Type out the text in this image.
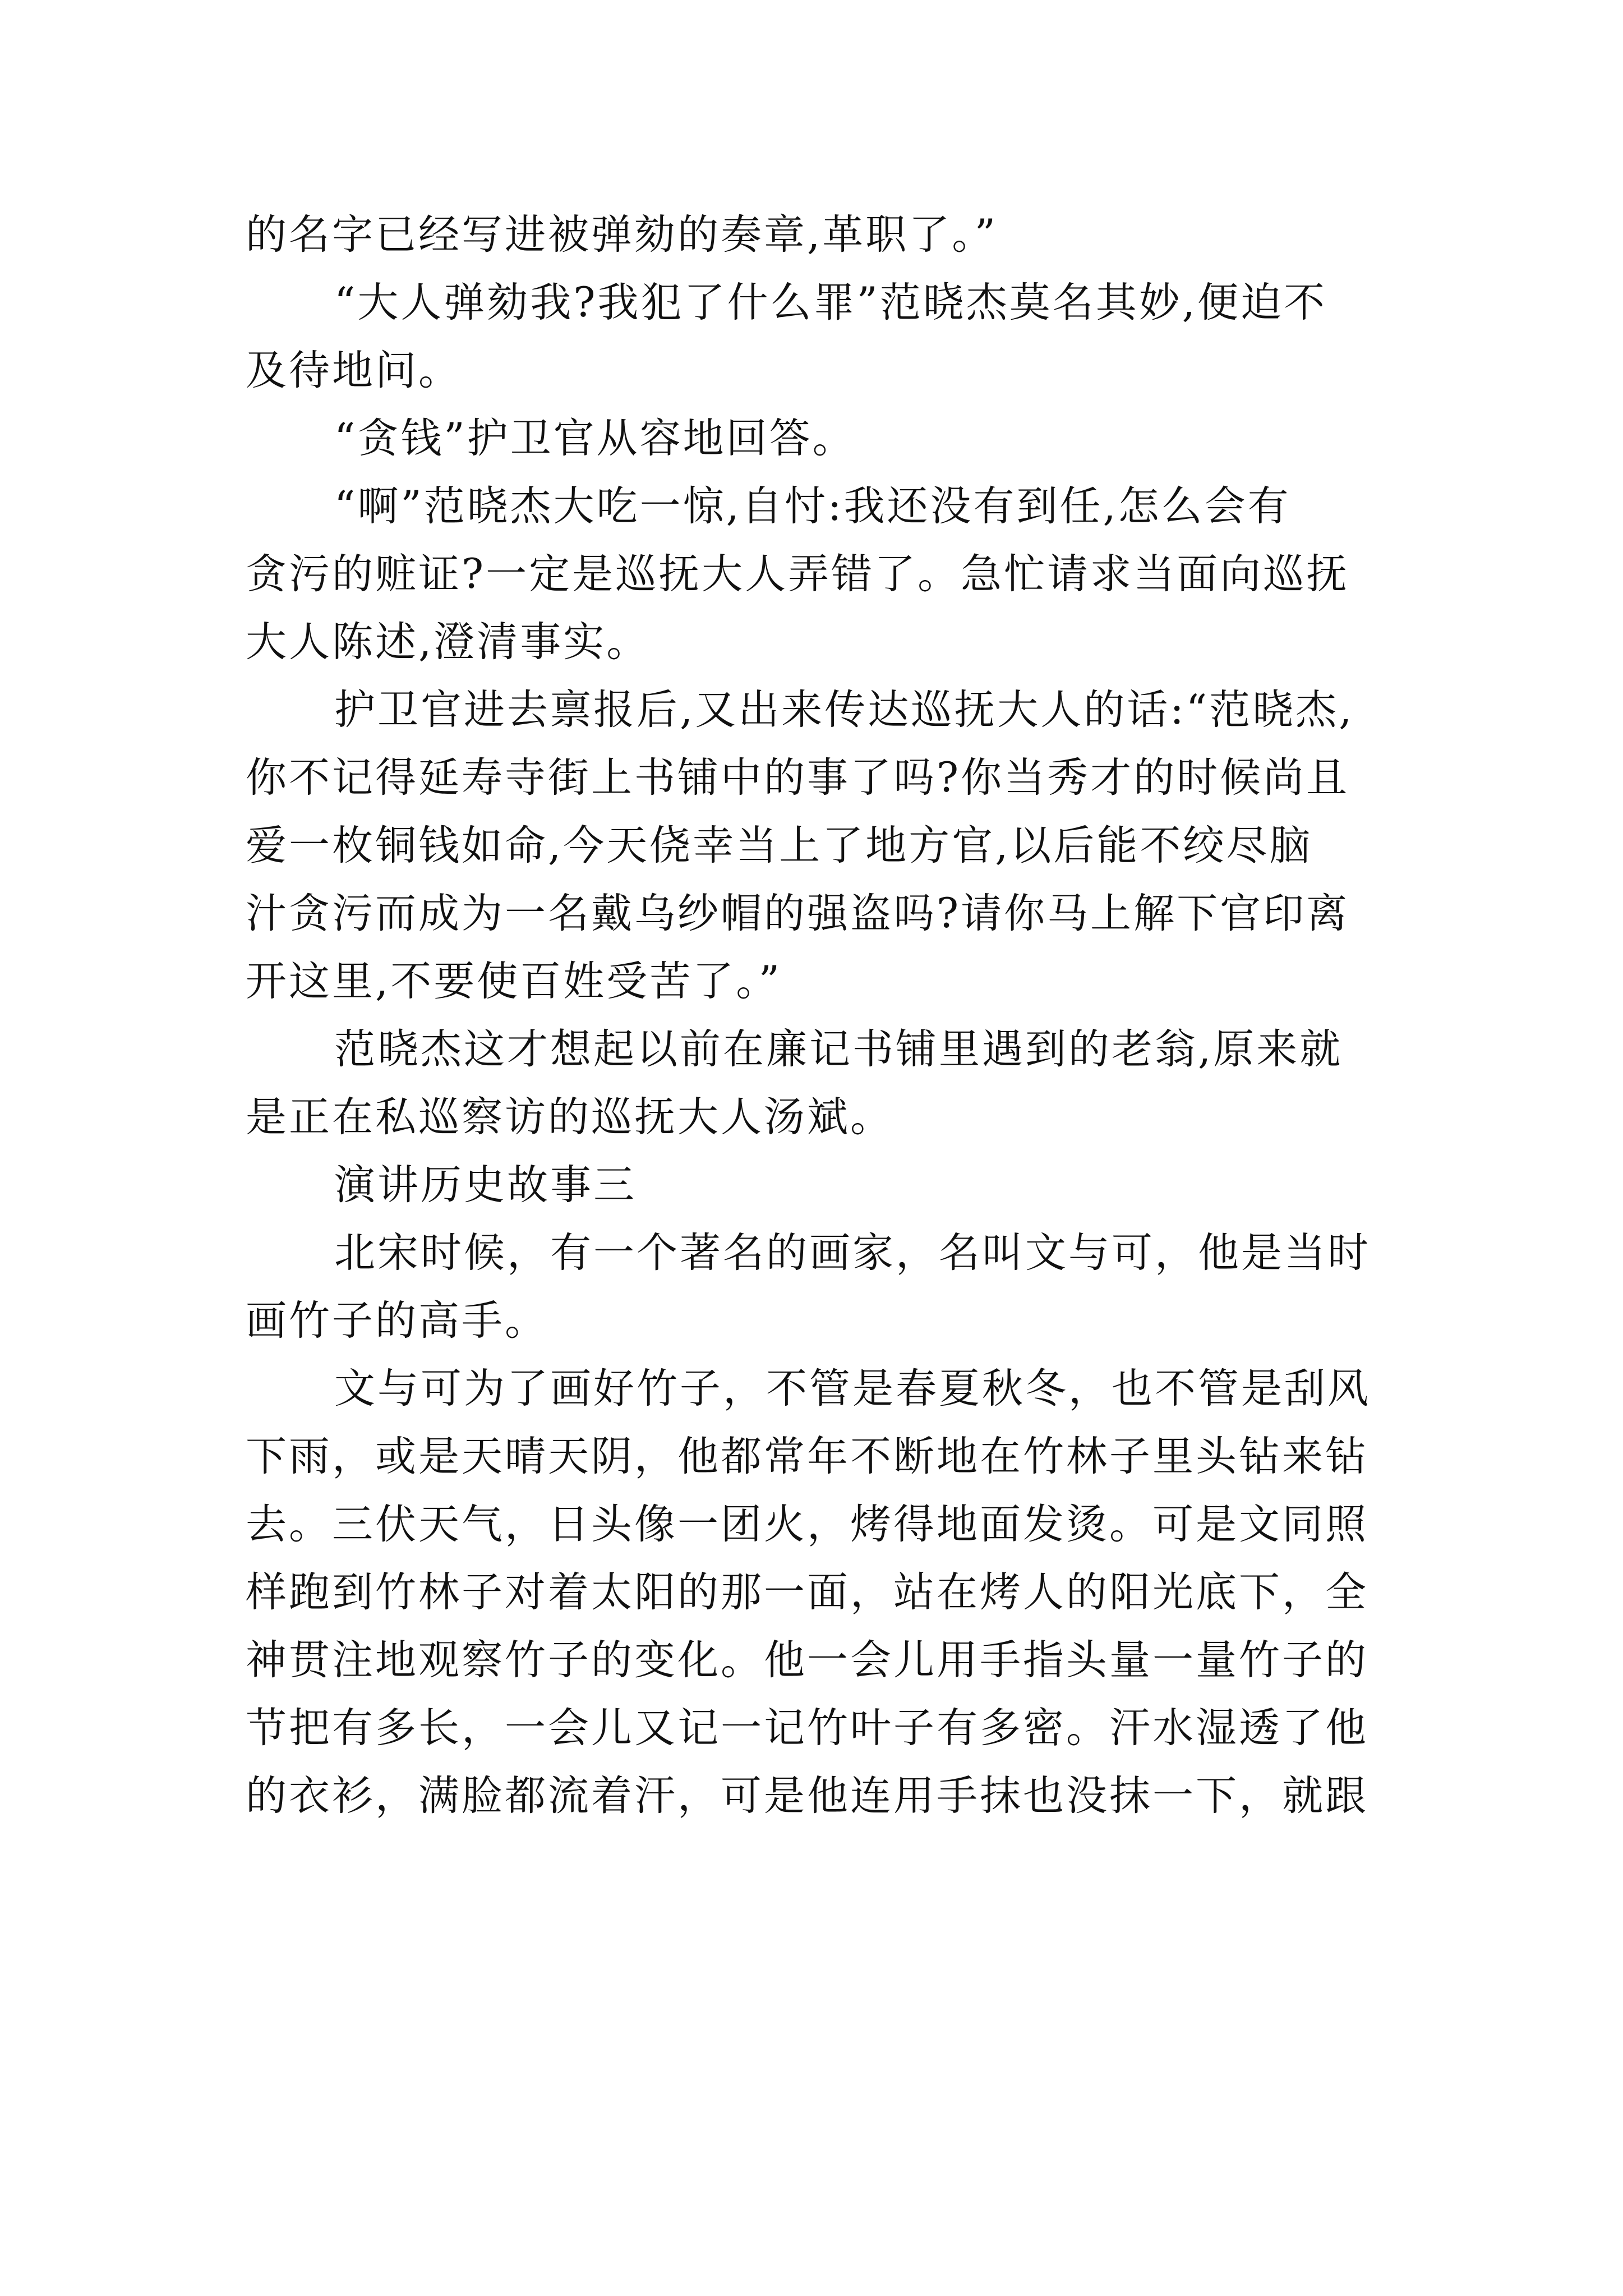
的名字已经写进被弹劾的奏章,革职了。”
“大人弹劾我?我犯了什么罪”范晓杰莫名其妙,便迫不
及待地问。
“贪钱”护卫官从容地回答。
“啊”范晓杰大吃一惊,自忖:我还没有到任,怎么会有
贪污的赃证?一定是巡抚大人弄错了。急忙请求当面向巡抚
大人陈述,澄清事实。
护卫官进去禀报后,又出来传达巡抚大人的话:“范晓杰,
你不记得延寿寺街上书铺中的事了吗?你当秀才的时候尚且
爱一枚铜钱如命,今天侥幸当上了地方官,以后能不绞尽脑
汁贪污而成为一名戴乌纱帽的强盗吗?请你马上解下官印离
开这里,不要使百姓受苦了。”
范晓杰这才想起以前在廉记书铺里遇到的老翁,原来就
是正在私巡察访的巡抚大人汤斌。
演讲历史故事三
北宋时候，有一个著名的画家，名叫文与可，他是当时
画竹子的高手。
文与可为了画好竹子，不管是春夏秋冬，也不管是刮风
下雨，或是天晴天阴，他都常年不断地在竹林子里头钻来钻
去。三伏天气，日头像一团火，烤得地面发烫。可是文同照
样跑到竹林子对着太阳的那一面，站在烤人的阳光底下，全
神贯注地观察竹子的变化。他一会儿用手指头量一量竹子的
节把有多长，一会儿又记一记竹叶子有多密。汗水湿透了他
的衣衫，满脸都流着汗，可是他连用手抹也没抹一下，就跟
